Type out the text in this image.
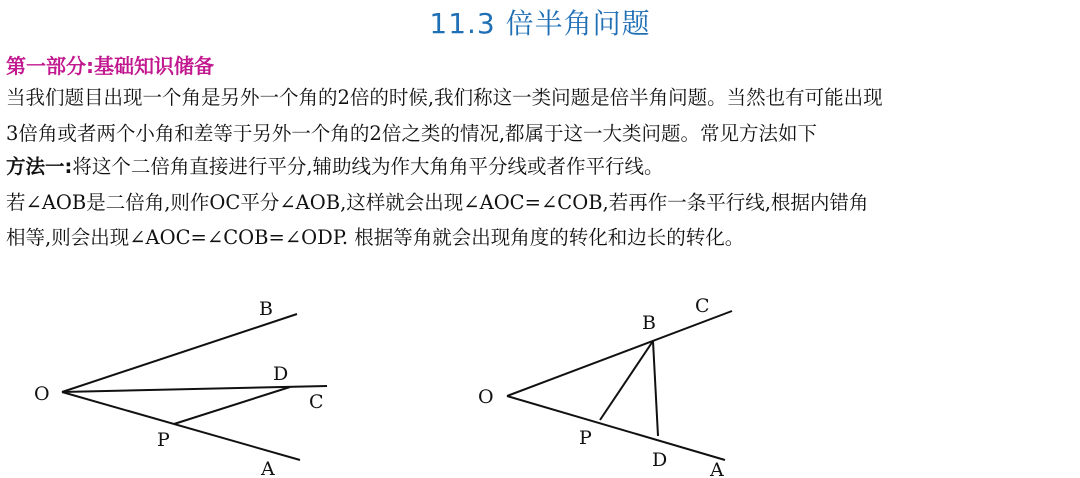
11.3 倍半角问题
第一部分:基础知识储备
当我们题目出现一个角是另外一个角的2倍的时候,我们称这一类问题是倍半角问题。当然也有可能出现
3倍角或者两个小角和差等于另外一个角的2倍之类的情况,都属于这一大类问题。常见方法如下
方法一:将这个二倍角直接进行平分,辅助线为作大角角平分线或者作平行线。
若∠AOB是二倍角,则作OC平分∠AOB,这样就会出现∠AOC=∠COB,若再作一条平行线,根据内错角
相等,则会出现∠AOC=∠COB=∠ODP. 根据等角就会出现角度的转化和边长的转化。
O
B
D
C
P
A
O
B
C
P
D A
